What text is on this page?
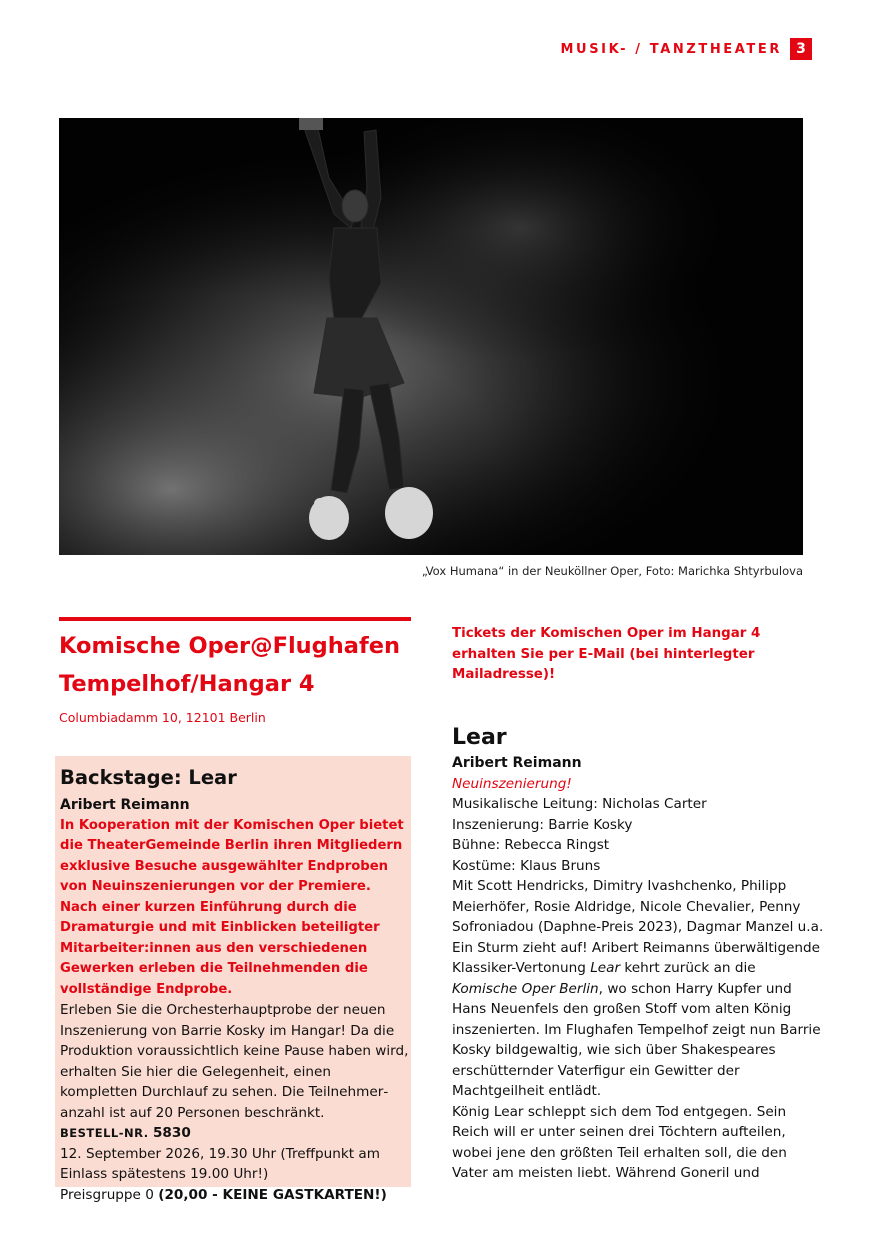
MUSIK- / TANZTHEATER	3
„Vox Humana“ in der Neuköllner Oper, Foto: Marichka Shtyrbulova
Komische Oper@Flughafen Tempelhof/Hangar 4
Columbiadamm 10, 12101 Berlin
Backstage: Lear
Aribert Reimann

In Kooperation mit der Komischen Oper bietet die TheaterGemeinde Berlin ihren Mitgliedern exklusive Besuche ausgewählter Endproben von Neuinszenierungen vor der Premiere. Nach einer kurzen Einführung durch die Dramaturgie und mit Einblicken beteiligter Mitarbeiter:innen aus den verschiedenen Gewerken erleben die Teilnehmenden die vollständige Endprobe.

Erleben Sie die Orchesterhauptprobe der neuen Inszenierung von Barrie Kosky im Hangar! Da die Produktion voraussichtlich keine Pause haben wird, erhalten Sie hier die Gelegenheit, einen kompletten Durchlauf zu sehen. Die Teilnehmeranzahl ist auf 20 Personen beschränkt.

BESTELL-NR. 5830
12. September 2026, 19.30 Uhr (Treffpunkt am Einlass spätestens 19.00 Uhr!)
Preisgruppe 0 (20,00 - KEINE GASTKARTEN!)

Tickets der Komischen Oper im Hangar 4 erhalten Sie per E-Mail (bei hinterlegter Mailadresse)!

Lear
Aribert Reimann
Neuinszenierung!
Musikalische Leitung: Nicholas Carter
Inszenierung: Barrie Kosky
Bühne: Rebecca Ringst
Kostüme: Klaus Bruns

Mit Scott Hendricks, Dimitry Ivashchenko, Philipp Meierhöfer, Rosie Aldridge, Nicole Chevalier, Penny Sofroniadou (Daphne-Preis 2023), Dagmar Manzel u.a.

Ein Sturm zieht auf! Aribert Reimanns überwältigende Klassiker-Vertonung Lear kehrt zurück an die Komische Oper Berlin, wo schon Harry Kupfer und Hans Neuenfels den großen Stoff vom alten König inszenierten. Im Flughafen Tempelhof zeigt nun Barrie Kosky bildgewaltig, wie sich über Shakespeares erschütternder Vaterfigur ein Gewitter der Machtgeilheit entlädt.

König Lear schleppt sich dem Tod entgegen. Sein Reich will er unter seinen drei Töchtern aufteilen, wobei jene den größten Teil erhalten soll, die den Vater am meisten liebt. Während Goneril und
